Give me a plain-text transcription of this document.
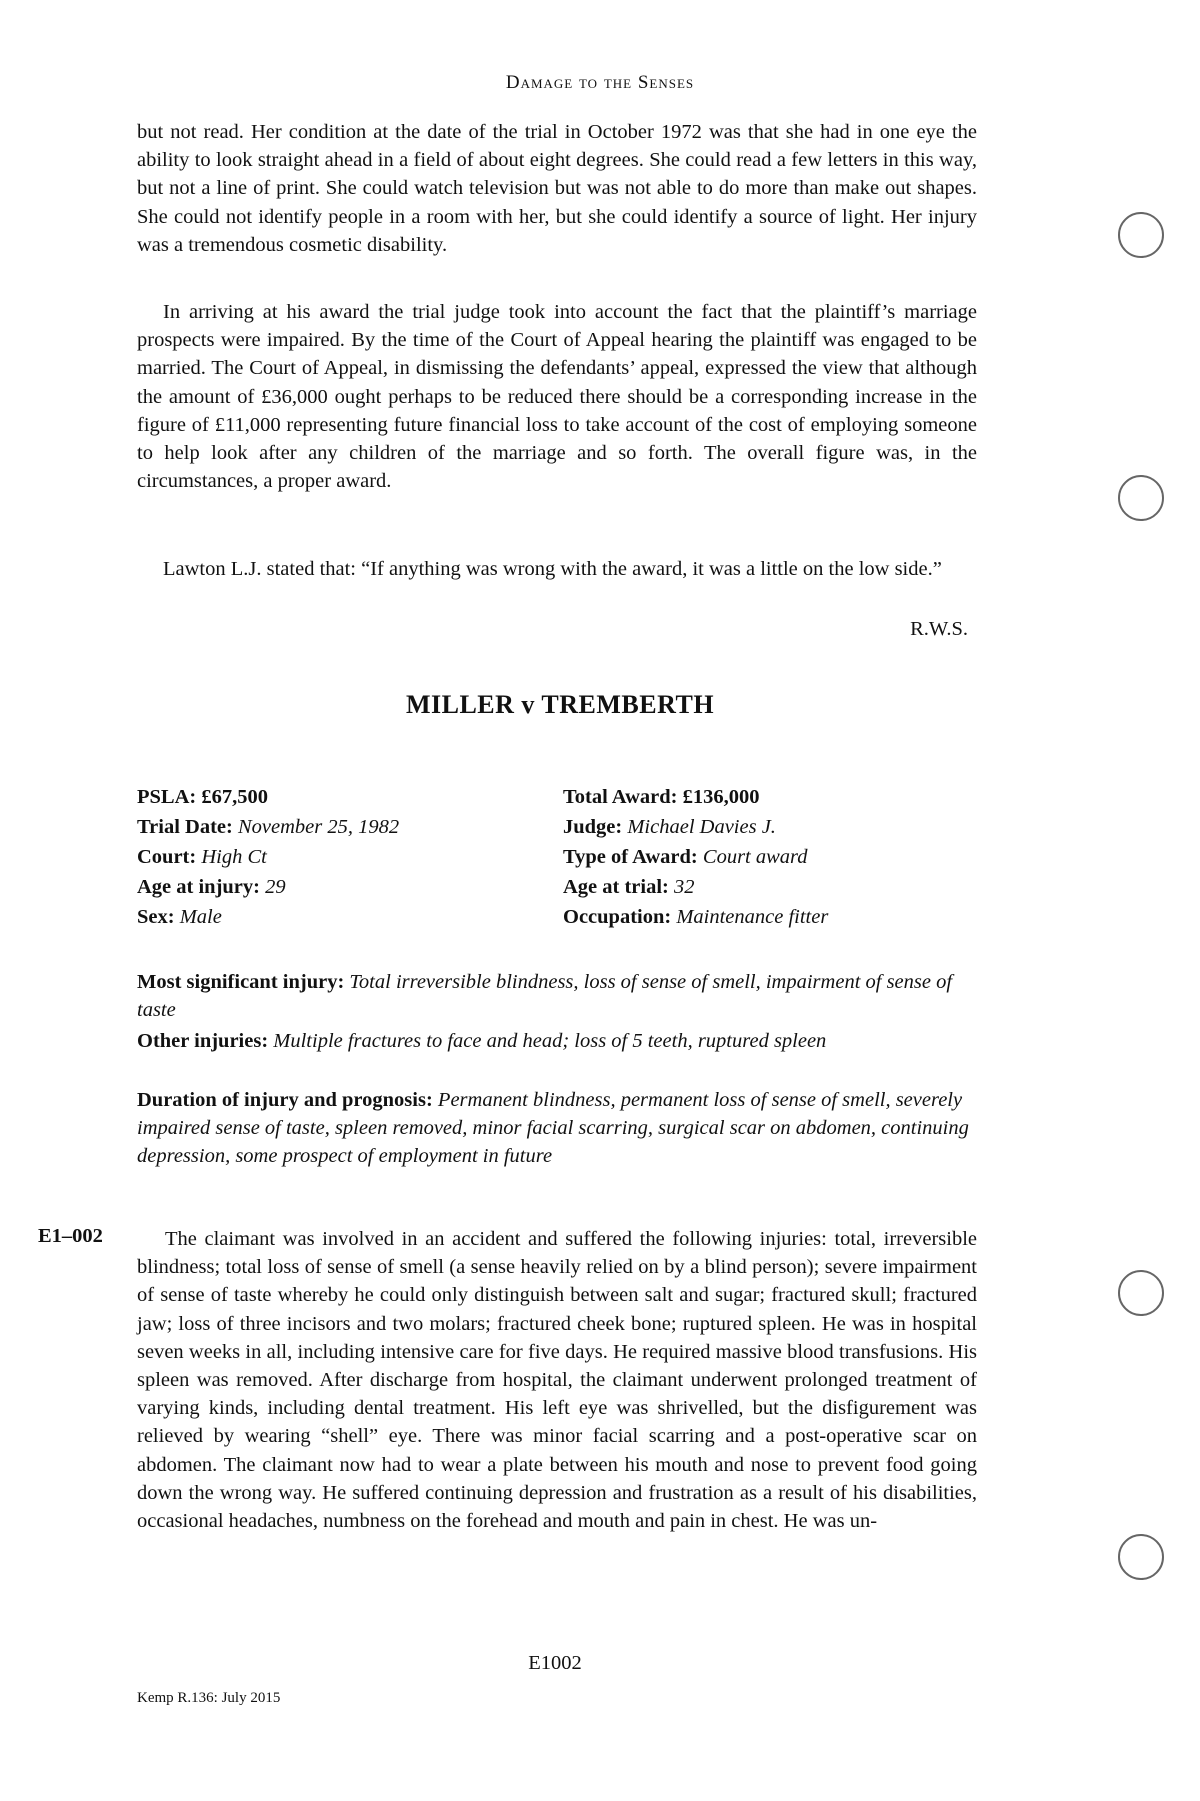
Damage to the Senses

but not read. Her condition at the date of the trial in October 1972 was that she had in one eye the ability to look straight ahead in a field of about eight degrees. She could read a few letters in this way, but not a line of print. She could watch television but was not able to do more than make out shapes. She could not identify people in a room with her, but she could identify a source of light. Her injury was a tremendous cosmetic disability.

In arriving at his award the trial judge took into account the fact that the plaintiff’s marriage prospects were impaired. By the time of the Court of Appeal hearing the plaintiff was engaged to be married. The Court of Appeal, in dismissing the defendants’ appeal, expressed the view that although the amount of £36,000 ought perhaps to be reduced there should be a corresponding increase in the figure of £11,000 representing future financial loss to take account of the cost of employing someone to help look after any children of the marriage and so forth. The overall figure was, in the circumstances, a proper award.

Lawton L.J. stated that: “If anything was wrong with the award, it was a little on the low side.”

R.W.S.
MILLER v TREMBERTH
PSLA: £67,500
Trial Date: November 25, 1982
Court: High Ct
Age at injury: 29
Sex: Male
Total Award: £136,000
Judge: Michael Davies J.
Type of Award: Court award
Age at trial: 32
Occupation: Maintenance fitter

Most significant injury: Total irreversible blindness, loss of sense of smell, impairment of sense of taste

Other injuries: Multiple fractures to face and head; loss of 5 teeth, ruptured spleen

Duration of injury and prognosis: Permanent blindness, permanent loss of sense of smell, severely impaired sense of taste, spleen removed, minor facial scarring, surgical scar on abdomen, continuing depression, some prospect of employment in future

E1–002	The claimant was involved in an accident and suffered the following injuries: total, irreversible blindness; total loss of sense of smell (a sense heavily relied on by a blind person); severe impairment of sense of taste whereby he could only distinguish between salt and sugar; fractured skull; fractured jaw; loss of three incisors and two molars; fractured cheek bone; ruptured spleen. He was in hospital seven weeks in all, including intensive care for five days. He required massive blood transfusions. His spleen was removed. After discharge from hospital, the claimant underwent prolonged treatment of varying kinds, including dental treatment. His left eye was shrivelled, but the disfigurement was relieved by wearing “shell” eye. There was minor facial scarring and a post-operative scar on abdomen. The claimant now had to wear a plate between his mouth and nose to prevent food going down the wrong way. He suffered continuing depression and frustration as a result of his disabilities, occasional headaches, numbness on the forehead and mouth and pain in chest. He was un-

E1002
Kemp R.136: July 2015
